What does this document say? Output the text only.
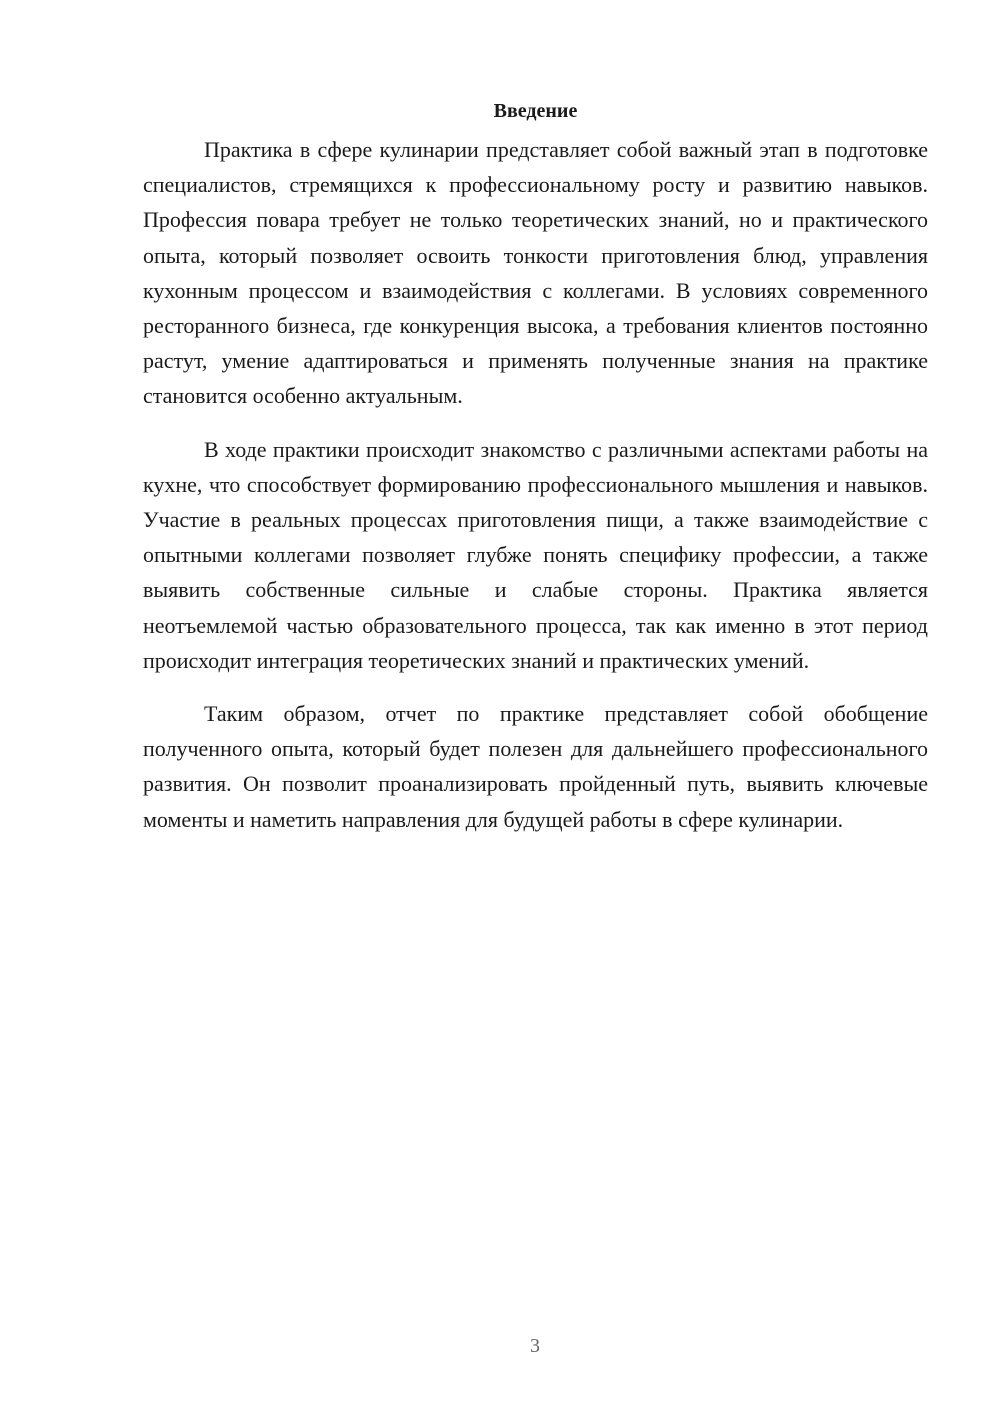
Введение

Практика в сфере кулинарии представляет собой важный этап в подготовке специалистов, стремящихся к профессиональному росту и развитию навыков. Профессия повара требует не только теоретических знаний, но и практического опыта, который позволяет освоить тонкости приготовления блюд, управления кухонным процессом и взаимодействия с коллегами. В условиях современного ресторанного бизнеса, где конкуренция высока, а требования клиентов постоянно растут, умение адаптироваться и применять полученные знания на практике становится особенно актуальным.

В ходе практики происходит знакомство с различными аспектами работы на кухне, что способствует формированию профессионального мышления и навыков. Участие в реальных процессах приготовления пищи, а также взаимодействие с опытными коллегами позволяет глубже понять специфику профессии, а также выявить собственные сильные и слабые стороны. Практика является неотъемлемой частью образовательного процесса, так как именно в этот период происходит интеграция теоретических знаний и практических умений.

Таким образом, отчет по практике представляет собой обобщение полученного опыта, который будет полезен для дальнейшего профессионального развития. Он позволит проанализировать пройденный путь, выявить ключевые моменты и наметить направления для будущей работы в сфере кулинарии.

3
